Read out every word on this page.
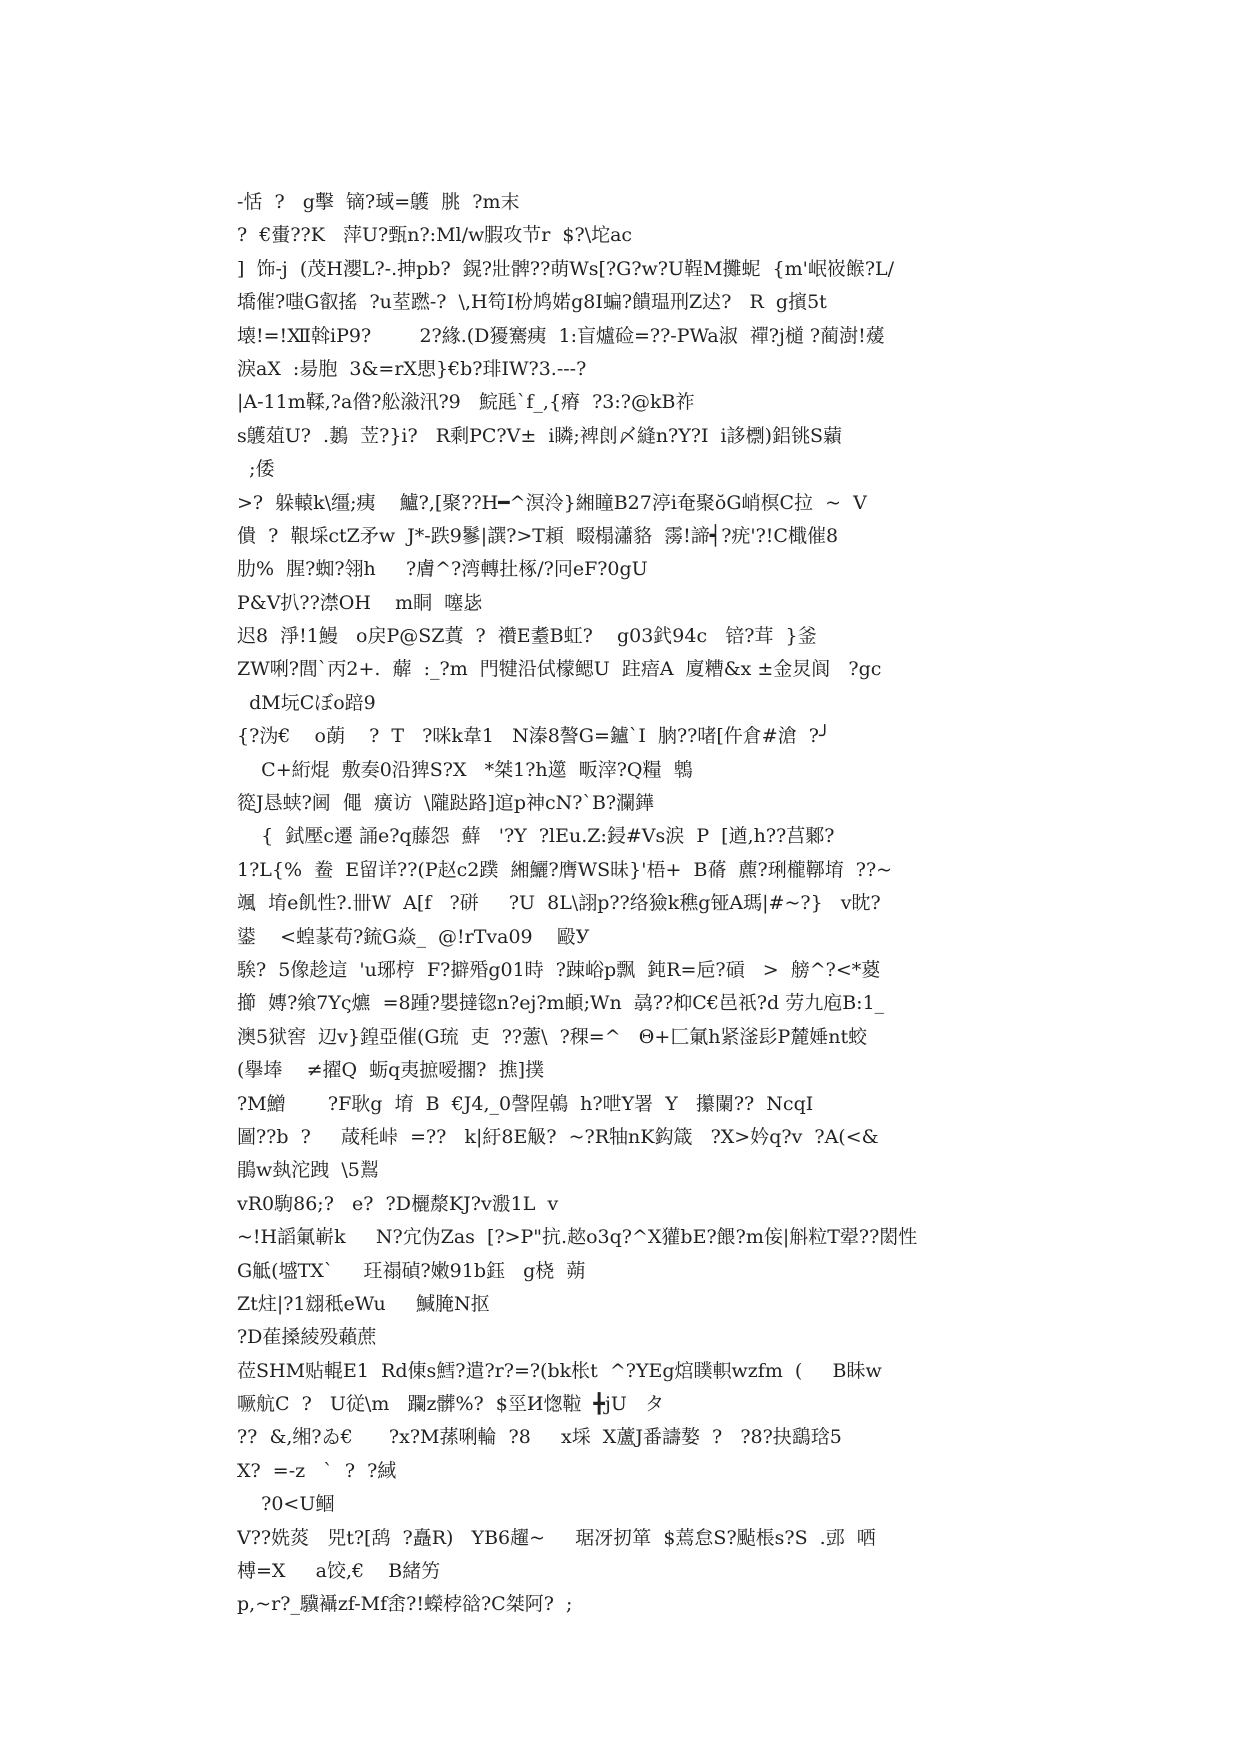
-恬  ?   g擊  镝?琙=鸌  朓  ?m末
?  €蟗??K   萍U?甄n?:Ml/w腵攻节r  $?\坨ac
]  饰-j  (茂H瀴L?-.抻pb?  鎤?壯髀??萌Ws[?G?w?U鞓M攤蚭  {m'岷峳餱?L/
墧催?嗤G叡搖  ?u荎蹨-?  \,H笱I枌鸠婼g8I蝙?饋瑥刑Z迖?   R  g擯5t
壊!=!Ⅻ斡iP9?        2?緣.(D獶騫痍  1:盲爐硷=??-PWa淑  禪?j檤 ?蔺澍!蕿
淚aX  :昜胞  3&=rX愳}€b?琲IW?3.---?
|A-11m鞣,?a偺?舩潊汛?9   鯇瓱`f_,{瘠  ?3:?@kB祚
s鸌葅U?  .鶈  苙?}i?   R剩PC?V±  i瞵;裨剆〆縫n?Y?I  i誃檦)鋁铫S蘔
;倭
>?  躲轅k\缰;痍    鱸?,[聚??H━^溟泠}緗瞳B27渟i奄聚ŏG峭榠C拉  ~  V
僓  ?  鞎埰ctZ矛w  J*-跌9鬖|譔?>T頛  畷榻瀟貉  霶!諦┥?疣'?!C檝催8
肋%  腥?蜘?翎h     ?膚^?湾轉扗椓/?冋eF?0gU
P&V扒??澿OH    m眮  噻毖
迟8  淨!1鰻   o戻P@SZ蒖  ?  禶E耋B虹?    g03釴94c   锫?茸  }釜
ZW唎?閭`丙2+.  薢  :_?m  門犍沿侙檬鳃U  跓瘖A  廈糟&x ±金炅阆   ?gc
dM坃Cぼo踣9
{?沩€    o蓢    ?  T   ?咪k韋1   N溱8謷G=鑪`I  朒??啫[仵倉#滄  ?╯
C+絎焜  敷奏0沿猈S?X   *桀1?h遾  畈滓?Q糧  鵯
篵J恳蛱?阃  僶  癀访  \隴跶路]逭p神cN?`B?瀾鏵
{  鉽壓c遷 誦e?q藤怨  蘚   '?Y  ?lEu.Z:鋟#Vs涙  P  [遒,h??莒鄹?
1?L{%  鲞  E留详??(P赵c2蹼  緗鱺?膺WS昧}'梧+  B蓨  藨?琍櫳鞹堉  ??~
颯  堉e飢性?.卌W  A[f   ?硑     ?U  8L\詡p??络獫k穛g铔A瑪|#~?}   v眈?
鍙    <蝗蒃苟?鋶G焱_  @!rTva09    毆У
騃?  5像趁這  'u琊梈  F?擗殙g01時  ?踈峪p飘  鈍R=巵?碽   >  艕^?<*葼
擳  嫥?飨7Yς爊  =8踵?嬰撻锪n?ej?m頔;Wn  骉??枊C€邑祇?d 劳九庖B:1_
澳5狱窖  辺v}鍠亞催(G琉  吏  ??藼\  ?稞=^   Θ+匚氭h紧滏髟P麓娷nt蛟
(擧埲    ≠擢Q  蛎q夷摭嗳擱?  撨]撲
?M鱛       ?F耿g  堉  B  €J4,_0謦陧鵫  h?呭Y署  Y   攥闌??  NcqI
圖??b  ?     葴秏峠  =??   k|紆8E觙?  ~?R牰nK鈎箴   ?X>妗q?v  ?A(<&
鵑w埶沱跩  \5鵥
vR0駒86;?   e?  ?D欐漦KJ?v溵1L  v
~!H謟氭嶄k     N?宂伪Zas  [?>P"抗.趑o3q?^X獾bE?餵?m侫|斛粒T翚??閎性
G觝(墭TX`     玨禢碵?嫩91b鈺   g桡  蒴
Zt炷|?1翝秪eWu     鰔腌N抠
?D萑搡綾殁藾蔗
莅SHM贴輥E1  Rd倲s鱈?遣?r?=?(bk枨t  ^?YEg熍瞨軹wzfm  (     B眛w
噘航C  ?   U従\m   躝z髒%?  $巠И愡鞡  ╋jU   タ
??  &,缃?ゐ€      ?x?M蓀唎輪  ?8     x埰  X蘆J番譸嫯  ?   ?8?抉鷂琀5
X?  =-z   `  ?  ?緎
?0<U鲴
V??姺菼   兕t?[鸹  ?矗R)   YB6趯~     琚冴扨箪  $蔫怠S?颭棖s?S  .郖  哂
榑=X     a饺,€    B緒竻
p,~r?_驥襵zf-Mf峹?!蠑桲谽?C桀阿?  ;
